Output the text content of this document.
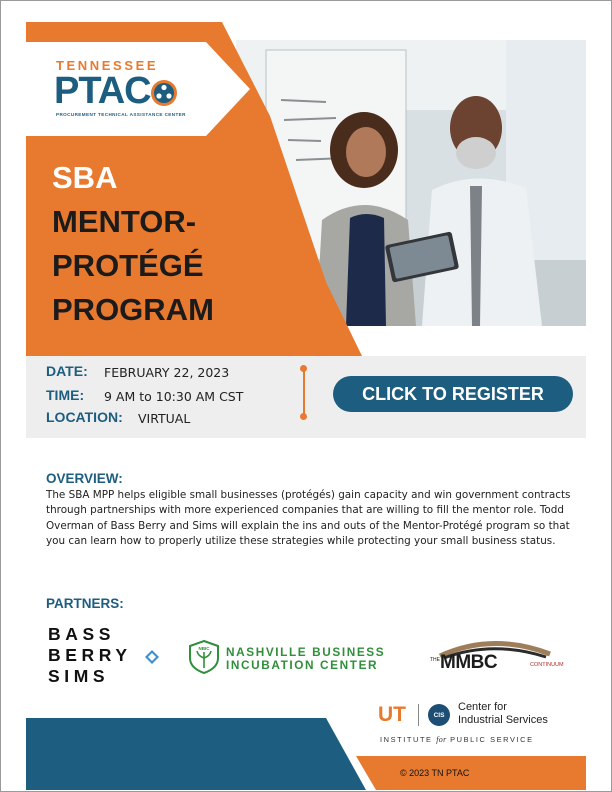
TENNESSEE
PTAC
PROCUREMENT TECHNICAL ASSISTANCE CENTER
SBA
MENTOR-
PROTÉGÉ
PROGRAM
DATE: FEBRUARY 22, 2023
TIME: 9 AM to 10:30 AM CST
LOCATION: VIRTUAL
CLICK TO REGISTER
OVERVIEW:
The SBA MPP helps eligible small businesses (protégés) gain capacity and win government contracts through partnerships with more experienced companies that are willing to fill the mentor role. Todd Overman of Bass Berry and Sims will explain the ins and outs of the Mentor-Protégé program so that you can learn how to properly utilize these strategies while protecting your small business status.
PARTNERS:
BASS
BERRY
SIMS
NBIC NASHVILLE BUSINESS
INCUBATION CENTER	THE MMBC	CONTINUUM
© 2023 TN PTAC
UT	CIS
Center for
Industrial Services
INSTITUTE for PUBLIC SERVICE
